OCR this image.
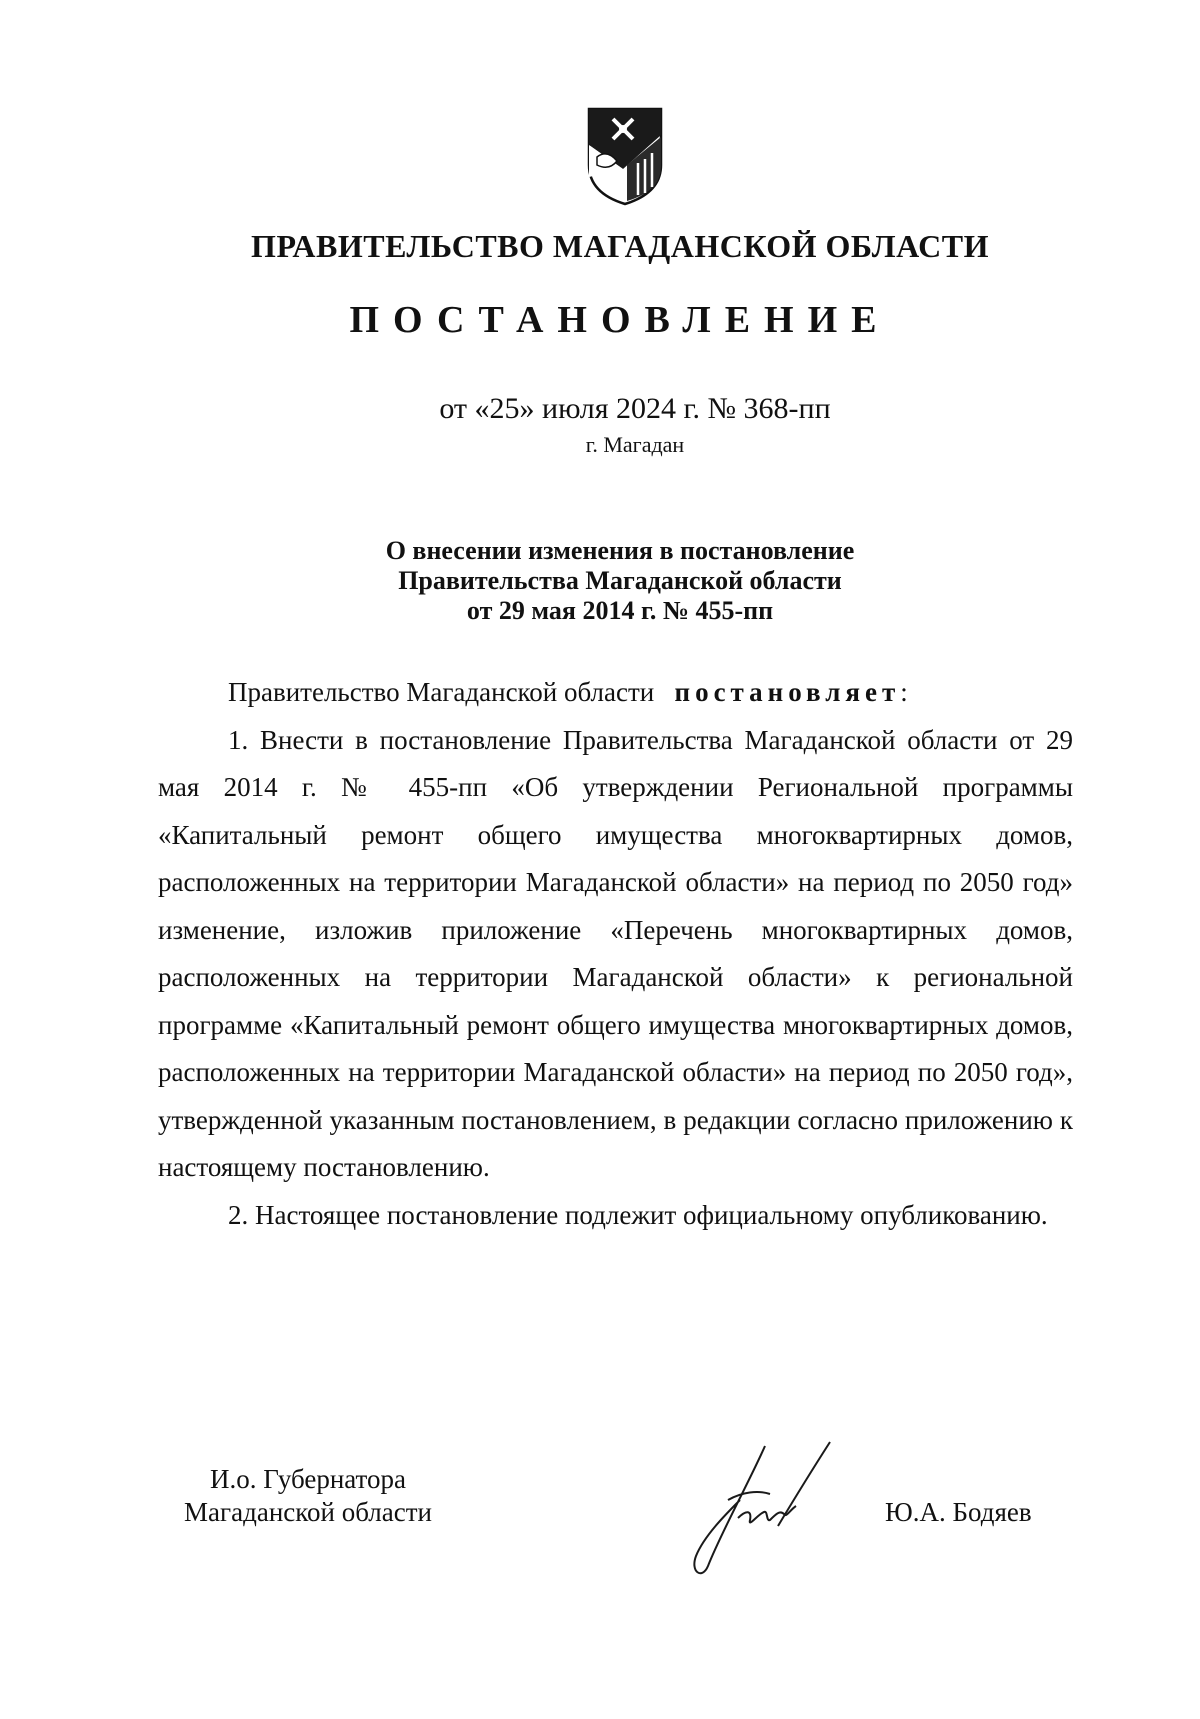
ПРАВИТЕЛЬСТВО МАГАДАНСКОЙ ОБЛАСТИ
ПОСТАНОВЛЕНИЕ
от «25» июля 2024 г. № 368-пп
г. Магадан
О внесении изменения в постановление
Правительства Магаданской области
от 29 мая 2014 г. № 455-пп

Правительство Магаданской области постановляет:

1. Внести в постановление Правительства Магаданской области от 29 мая 2014 г. № 455-пп «Об утверждении Региональной программы «Капитальный ремонт общего имущества многоквартирных домов, расположенных на территории Магаданской области» на период по 2050 год» изменение, изложив приложение «Перечень многоквартирных домов, расположенных на территории Магаданской области» к региональной программе «Капитальный ремонт общего имущества многоквартирных домов, расположенных на территории Магаданской области» на период по 2050 год», утвержденной указанным постановлением, в редакции согласно приложению к настоящему постановлению.

2. Настоящее постановление подлежит официальному опубликованию.

И.о. Губернатора
Магаданской области	Ю.А. Бодяев
